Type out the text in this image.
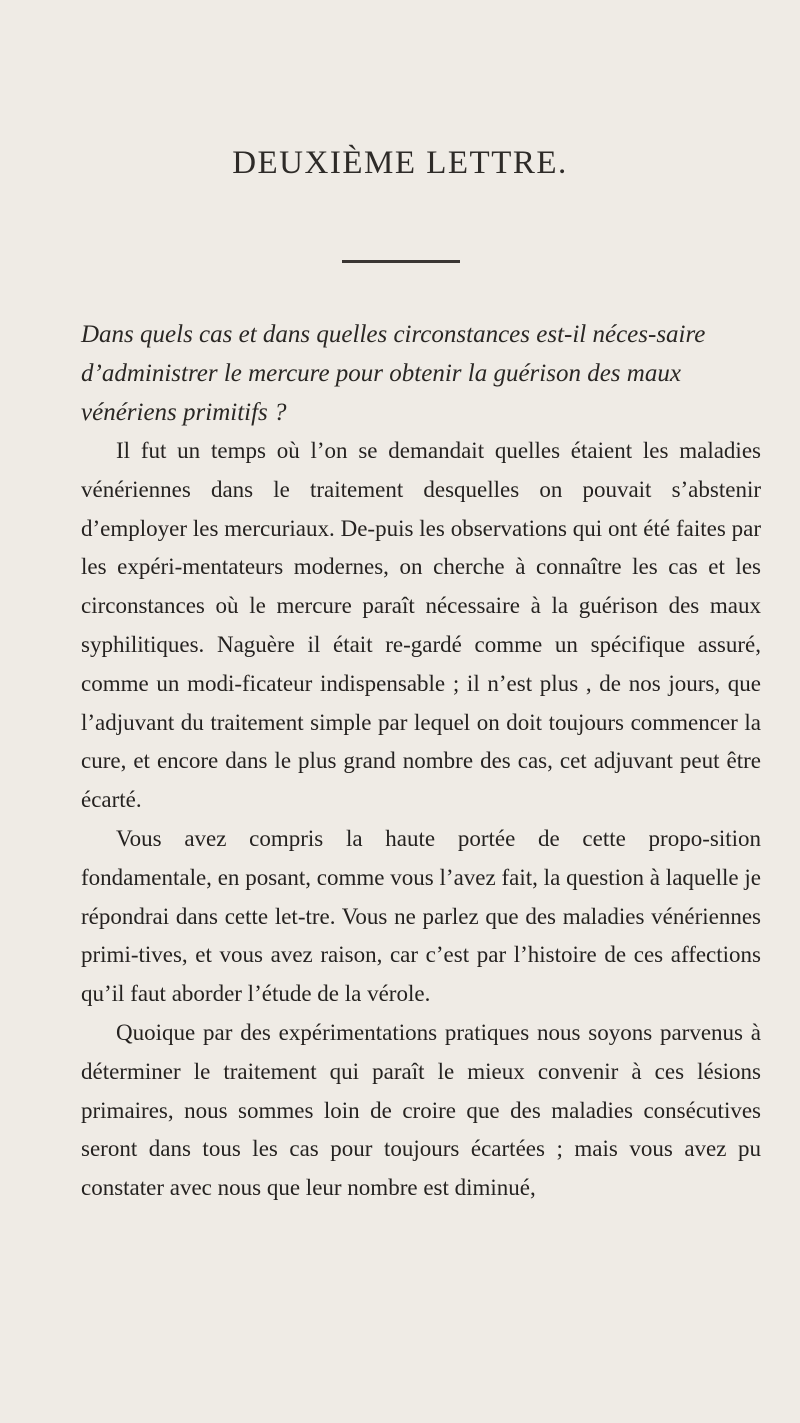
DEUXIÈME LETTRE.
Dans quels cas et dans quelles circonstances est-il néces-saire d’administrer le mercure pour obtenir la guérison des maux vénériens primitifs ?

Il fut un temps où l’on se demandait quelles étaient les maladies vénériennes dans le traitement desquelles on pouvait s’abstenir d’employer les mercuriaux. De-puis les observations qui ont été faites par les expéri-mentateurs modernes, on cherche à connaître les cas et les circonstances où le mercure paraît nécessaire à la guérison des maux syphilitiques. Naguère il était re-gardé comme un spécifique assuré, comme un modi-ficateur indispensable ; il n’est plus , de nos jours, que l’adjuvant du traitement simple par lequel on doit toujours commencer la cure, et encore dans le plus grand nombre des cas, cet adjuvant peut être écarté.

Vous avez compris la haute portée de cette propo-sition fondamentale, en posant, comme vous l’avez fait, la question à laquelle je répondrai dans cette let-tre. Vous ne parlez que des maladies vénériennes primi-tives, et vous avez raison, car c’est par l’histoire de ces affections qu’il faut aborder l’étude de la vérole.

Quoique par des expérimentations pratiques nous soyons parvenus à déterminer le traitement qui paraît le mieux convenir à ces lésions primaires, nous sommes loin de croire que des maladies consécutives seront dans tous les cas pour toujours écartées ; mais vous avez pu constater avec nous que leur nombre est diminué,
